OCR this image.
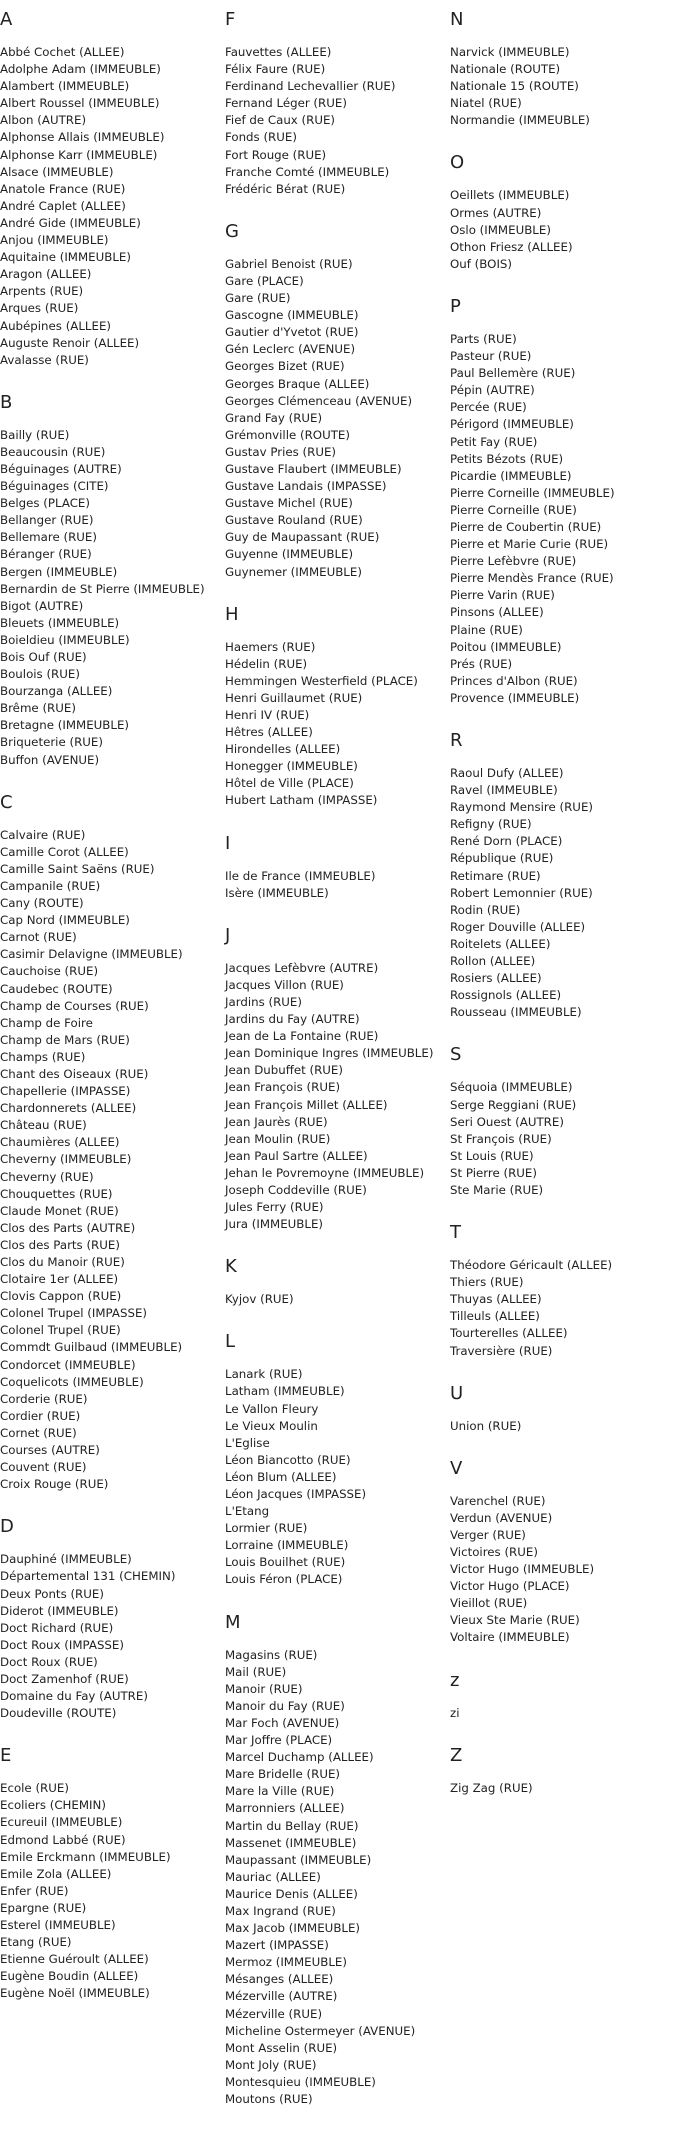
A
Abbé Cochet (ALLEE)
Adolphe Adam (IMMEUBLE)
Alambert (IMMEUBLE)
Albert Roussel (IMMEUBLE)
Albon (AUTRE)
Alphonse Allais (IMMEUBLE)
Alphonse Karr (IMMEUBLE)
Alsace (IMMEUBLE)
Anatole France (RUE)
André Caplet (ALLEE)
André Gide (IMMEUBLE)
Anjou (IMMEUBLE)
Aquitaine (IMMEUBLE)
Aragon (ALLEE)
Arpents (RUE)
Arques (RUE)
Aubépines (ALLEE)
Auguste Renoir (ALLEE)
Avalasse (RUE)
B
Bailly (RUE)
Beaucousin (RUE)
Béguinages (AUTRE)
Béguinages (CITE)
Belges (PLACE)
Bellanger (RUE)
Bellemare (RUE)
Béranger (RUE)
Bergen (IMMEUBLE)
Bernardin de St Pierre (IMMEUBLE)
Bigot (AUTRE)
Bleuets (IMMEUBLE)
Boieldieu (IMMEUBLE)
Bois Ouf (RUE)
Boulois (RUE)
Bourzanga (ALLEE)
Brême (RUE)
Bretagne (IMMEUBLE)
Briqueterie (RUE)
Buffon (AVENUE)
C
Calvaire (RUE)
Camille Corot (ALLEE)
Camille Saint Saëns (RUE)
Campanile (RUE)
Cany (ROUTE)
Cap Nord (IMMEUBLE)
Carnot (RUE)
Casimir Delavigne (IMMEUBLE)
Cauchoise (RUE)
Caudebec (ROUTE)
Champ de Courses (RUE)
Champ de Foire
Champ de Mars (RUE)
Champs (RUE)
Chant des Oiseaux (RUE)
Chapellerie (IMPASSE)
Chardonnerets (ALLEE)
Château (RUE)
Chaumières (ALLEE)
Cheverny (IMMEUBLE)
Cheverny (RUE)
Chouquettes (RUE)
Claude Monet (RUE)
Clos des Parts (AUTRE)
Clos des Parts (RUE)
Clos du Manoir (RUE)
Clotaire 1er (ALLEE)
Clovis Cappon (RUE)
Colonel Trupel (IMPASSE)
Colonel Trupel (RUE)
Commdt Guilbaud (IMMEUBLE)
Condorcet (IMMEUBLE)
Coquelicots (IMMEUBLE)
Corderie (RUE)
Cordier (RUE)
Cornet (RUE)
Courses (AUTRE)
Couvent (RUE)
Croix Rouge (RUE)
D
Dauphiné (IMMEUBLE)
Départemental 131 (CHEMIN)
Deux Ponts (RUE)
Diderot (IMMEUBLE)
Doct Richard (RUE)
Doct Roux (IMPASSE)
Doct Roux (RUE)
Doct Zamenhof (RUE)
Domaine du Fay (AUTRE)
Doudeville (ROUTE)
E
Ecole (RUE)
Ecoliers (CHEMIN)
Ecureuil (IMMEUBLE)
Edmond Labbé (RUE)
Emile Erckmann (IMMEUBLE)
Emile Zola (ALLEE)
Enfer (RUE)
Epargne (RUE)
Esterel (IMMEUBLE)
Etang (RUE)
Etienne Guéroult (ALLEE)
Eugène Boudin (ALLEE)
Eugène Noël (IMMEUBLE)
F
Fauvettes (ALLEE)
Félix Faure (RUE)
Ferdinand Lechevallier (RUE)
Fernand Léger (RUE)
Fief de Caux (RUE)
Fonds (RUE)
Fort Rouge (RUE)
Franche Comté (IMMEUBLE)
Frédéric Bérat (RUE)
G
Gabriel Benoist (RUE)
Gare (PLACE)
Gare (RUE)
Gascogne (IMMEUBLE)
Gautier d'Yvetot (RUE)
Gén Leclerc (AVENUE)
Georges Bizet (RUE)
Georges Braque (ALLEE)
Georges Clémenceau (AVENUE)
Grand Fay (RUE)
Grémonville (ROUTE)
Gustav Pries (RUE)
Gustave Flaubert (IMMEUBLE)
Gustave Landais (IMPASSE)
Gustave Michel (RUE)
Gustave Rouland (RUE)
Guy de Maupassant (RUE)
Guyenne (IMMEUBLE)
Guynemer (IMMEUBLE)
H
Haemers (RUE)
Hédelin (RUE)
Hemmingen Westerfield (PLACE)
Henri Guillaumet (RUE)
Henri IV (RUE)
Hêtres (ALLEE)
Hirondelles (ALLEE)
Honegger (IMMEUBLE)
Hôtel de Ville (PLACE)
Hubert Latham (IMPASSE)
I
Ile de France (IMMEUBLE)
Isère (IMMEUBLE)
J
Jacques Lefèbvre (AUTRE)
Jacques Villon (RUE)
Jardins (RUE)
Jardins du Fay (AUTRE)
Jean de La Fontaine (RUE)
Jean Dominique Ingres (IMMEUBLE)
Jean Dubuffet (RUE)
Jean François (RUE)
Jean François Millet (ALLEE)
Jean Jaurès (RUE)
Jean Moulin (RUE)
Jean Paul Sartre (ALLEE)
Jehan le Povremoyne (IMMEUBLE)
Joseph Coddeville (RUE)
Jules Ferry (RUE)
Jura (IMMEUBLE)
K
Kyjov (RUE)
L
Lanark (RUE)
Latham (IMMEUBLE)
Le Vallon Fleury
Le Vieux Moulin
L'Eglise
Léon Biancotto (RUE)
Léon Blum (ALLEE)
Léon Jacques (IMPASSE)
L'Etang
Lormier (RUE)
Lorraine (IMMEUBLE)
Louis Bouilhet (RUE)
Louis Féron (PLACE)
M
Magasins (RUE)
Mail (RUE)
Manoir (RUE)
Manoir du Fay (RUE)
Mar Foch (AVENUE)
Mar Joffre (PLACE)
Marcel Duchamp (ALLEE)
Mare Bridelle (RUE)
Mare la Ville (RUE)
Marronniers (ALLEE)
Martin du Bellay (RUE)
Massenet (IMMEUBLE)
Maupassant (IMMEUBLE)
Mauriac (ALLEE)
Maurice Denis (ALLEE)
Max Ingrand (RUE)
Max Jacob (IMMEUBLE)
Mazert (IMPASSE)
Mermoz (IMMEUBLE)
Mésanges (ALLEE)
Mézerville (AUTRE)
Mézerville (RUE)
Micheline Ostermeyer (AVENUE)
Mont Asselin (RUE)
Mont Joly (RUE)
Montesquieu (IMMEUBLE)
Moutons (RUE)
N
Narvick (IMMEUBLE)
Nationale (ROUTE)
Nationale 15 (ROUTE)
Niatel (RUE)
Normandie (IMMEUBLE)
O
Oeillets (IMMEUBLE)
Ormes (AUTRE)
Oslo (IMMEUBLE)
Othon Friesz (ALLEE)
Ouf (BOIS)
P
Parts (RUE)
Pasteur (RUE)
Paul Bellemère (RUE)
Pépin (AUTRE)
Percée (RUE)
Périgord (IMMEUBLE)
Petit Fay (RUE)
Petits Bézots (RUE)
Picardie (IMMEUBLE)
Pierre Corneille (IMMEUBLE)
Pierre Corneille (RUE)
Pierre de Coubertin (RUE)
Pierre et Marie Curie (RUE)
Pierre Lefèbvre (RUE)
Pierre Mendès France (RUE)
Pierre Varin (RUE)
Pinsons (ALLEE)
Plaine (RUE)
Poitou (IMMEUBLE)
Prés (RUE)
Princes d'Albon (RUE)
Provence (IMMEUBLE)
R
Raoul Dufy (ALLEE)
Ravel (IMMEUBLE)
Raymond Mensire (RUE)
Refigny (RUE)
René Dorn (PLACE)
République (RUE)
Retimare (RUE)
Robert Lemonnier (RUE)
Rodin (RUE)
Roger Douville (ALLEE)
Roitelets (ALLEE)
Rollon (ALLEE)
Rosiers (ALLEE)
Rossignols (ALLEE)
Rousseau (IMMEUBLE)
S
Séquoia (IMMEUBLE)
Serge Reggiani (RUE)
Seri Ouest (AUTRE)
St François (RUE)
St Louis (RUE)
St Pierre (RUE)
Ste Marie (RUE)
T
Théodore Géricault (ALLEE)
Thiers (RUE)
Thuyas (ALLEE)
Tilleuls (ALLEE)
Tourterelles (ALLEE)
Traversière (RUE)
U
Union (RUE)
V
Varenchel (RUE)
Verdun (AVENUE)
Verger (RUE)
Victoires (RUE)
Victor Hugo (IMMEUBLE)
Victor Hugo (PLACE)
Vieillot (RUE)
Vieux Ste Marie (RUE)
Voltaire (IMMEUBLE)
z
zi
Z
Zig Zag (RUE)
